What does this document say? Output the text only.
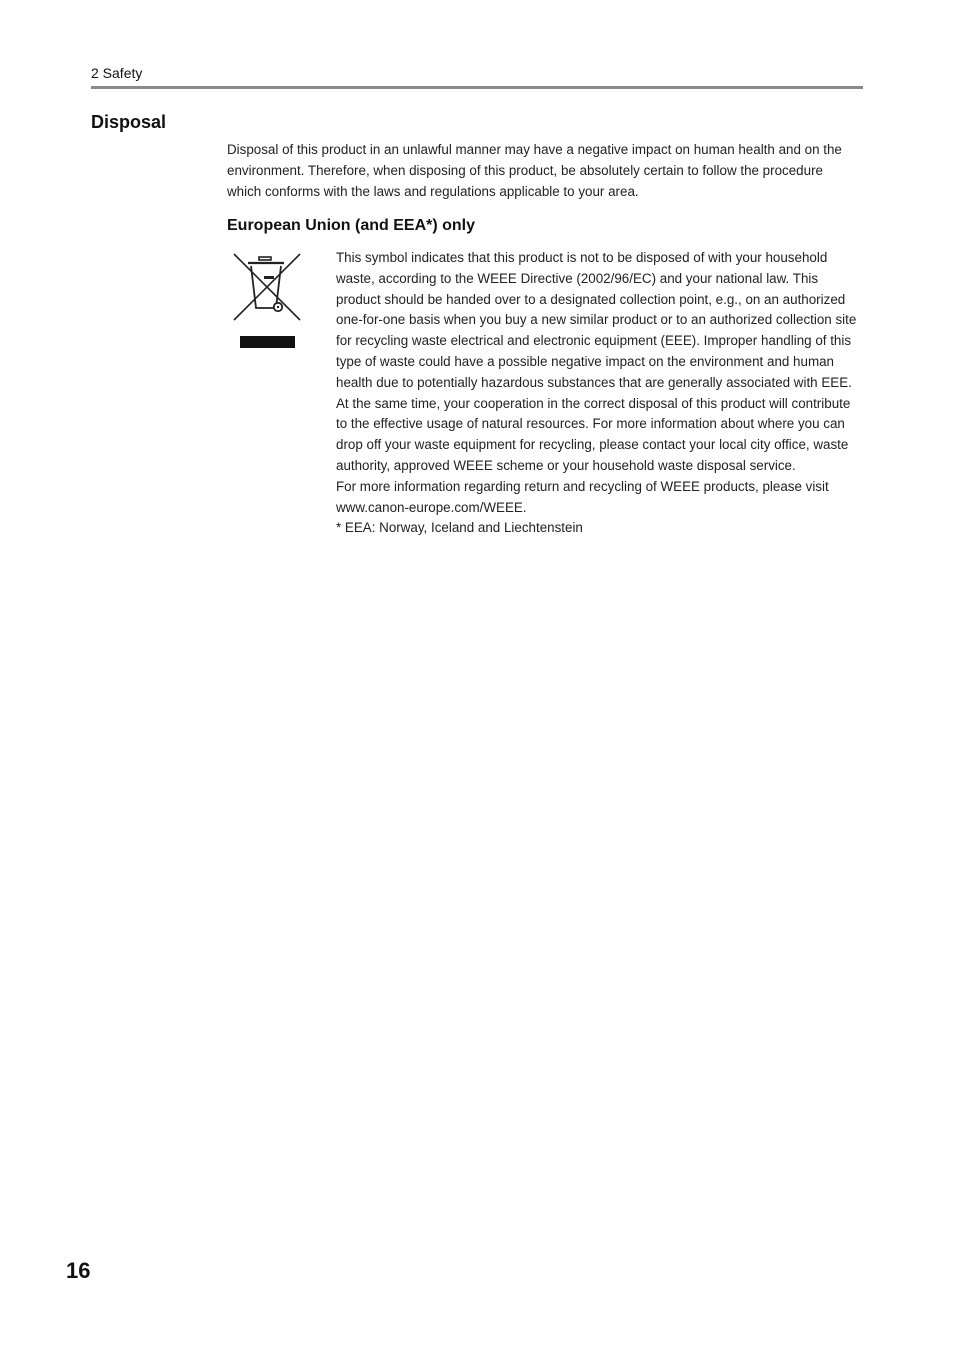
2 Safety
Disposal
Disposal of this product in an unlawful manner may have a negative impact on human health and on the environment. Therefore, when disposing of this product, be absolutely certain to follow the procedure which conforms with the laws and regulations applicable to your area.
European Union (and EEA*) only

This symbol indicates that this product is not to be disposed of with your household waste, according to the WEEE Directive (2002/96/EC) and your national law. This product should be handed over to a designated collection point, e.g., on an authorized one-for-one basis when you buy a new similar product or to an authorized collection site for recycling waste electrical and electronic equipment (EEE). Improper handling of this type of waste could have a possible negative impact on the environment and human health due to potentially hazardous substances that are generally associated with EEE. At the same time, your cooperation in the correct disposal of this product will contribute to the effective usage of natural resources. For more information about where you can drop off your waste equipment for recycling, please contact your local city office, waste authority, approved WEEE scheme or your household waste disposal service.

For more information regarding return and recycling of WEEE products, please visit www.canon-europe.com/WEEE.

* EEA: Norway, Iceland and Liechtenstein

16
